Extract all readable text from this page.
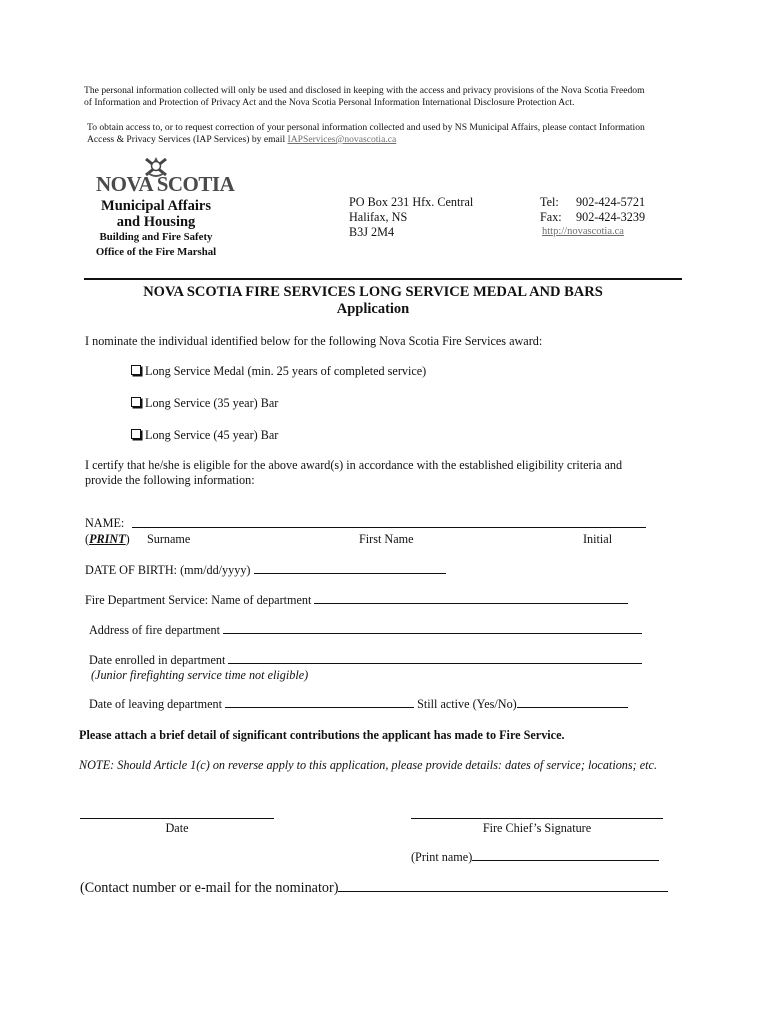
The personal information collected will only be used and disclosed in keeping with the access and privacy provisions of the Nova Scotia Freedom
of Information and Protection of Privacy Act and the Nova Scotia Personal Information International Disclosure Protection Act.
To obtain access to, or to request correction of your personal information collected and used by NS Municipal Affairs, please contact Information
Access & Privacy Services (IAP Services) by email IAPServices@novascotia.ca
NOVA SCOTIA
Municipal Affairs
and Housing
Building and Fire Safety
Office of the Fire Marshal
PO Box 231 Hfx. Central
Halifax, NS
B3J 2M4
Tel: 902-424-5721
Fax: 902-424-3239
http://novascotia.ca
NOVA SCOTIA FIRE SERVICES LONG SERVICE MEDAL AND BARS
Application
I nominate the individual identified below for the following Nova Scotia Fire Services award:
Long Service Medal (min. 25 years of completed service)
Long Service (35 year) Bar
Long Service (45 year) Bar
I certify that he/she is eligible for the above award(s) in accordance with the established eligibility criteria and
provide the following information:
NAME:
(PRINT) Surname	First Name	Initial
DATE OF BIRTH: (mm/dd/yyyy)
Fire Department Service: Name of department
Address of fire department
Date enrolled in department
(Junior firefighting service time not eligible)
Date of leaving department	Still active (Yes/No)
Please attach a brief detail of significant contributions the applicant has made to Fire Service.
NOTE: Should Article 1(c) on reverse apply to this application, please provide details: dates of service; locations; etc.
Date	Fire Chief’s Signature
(Print name)
(Contact number or e-mail for the nominator)
